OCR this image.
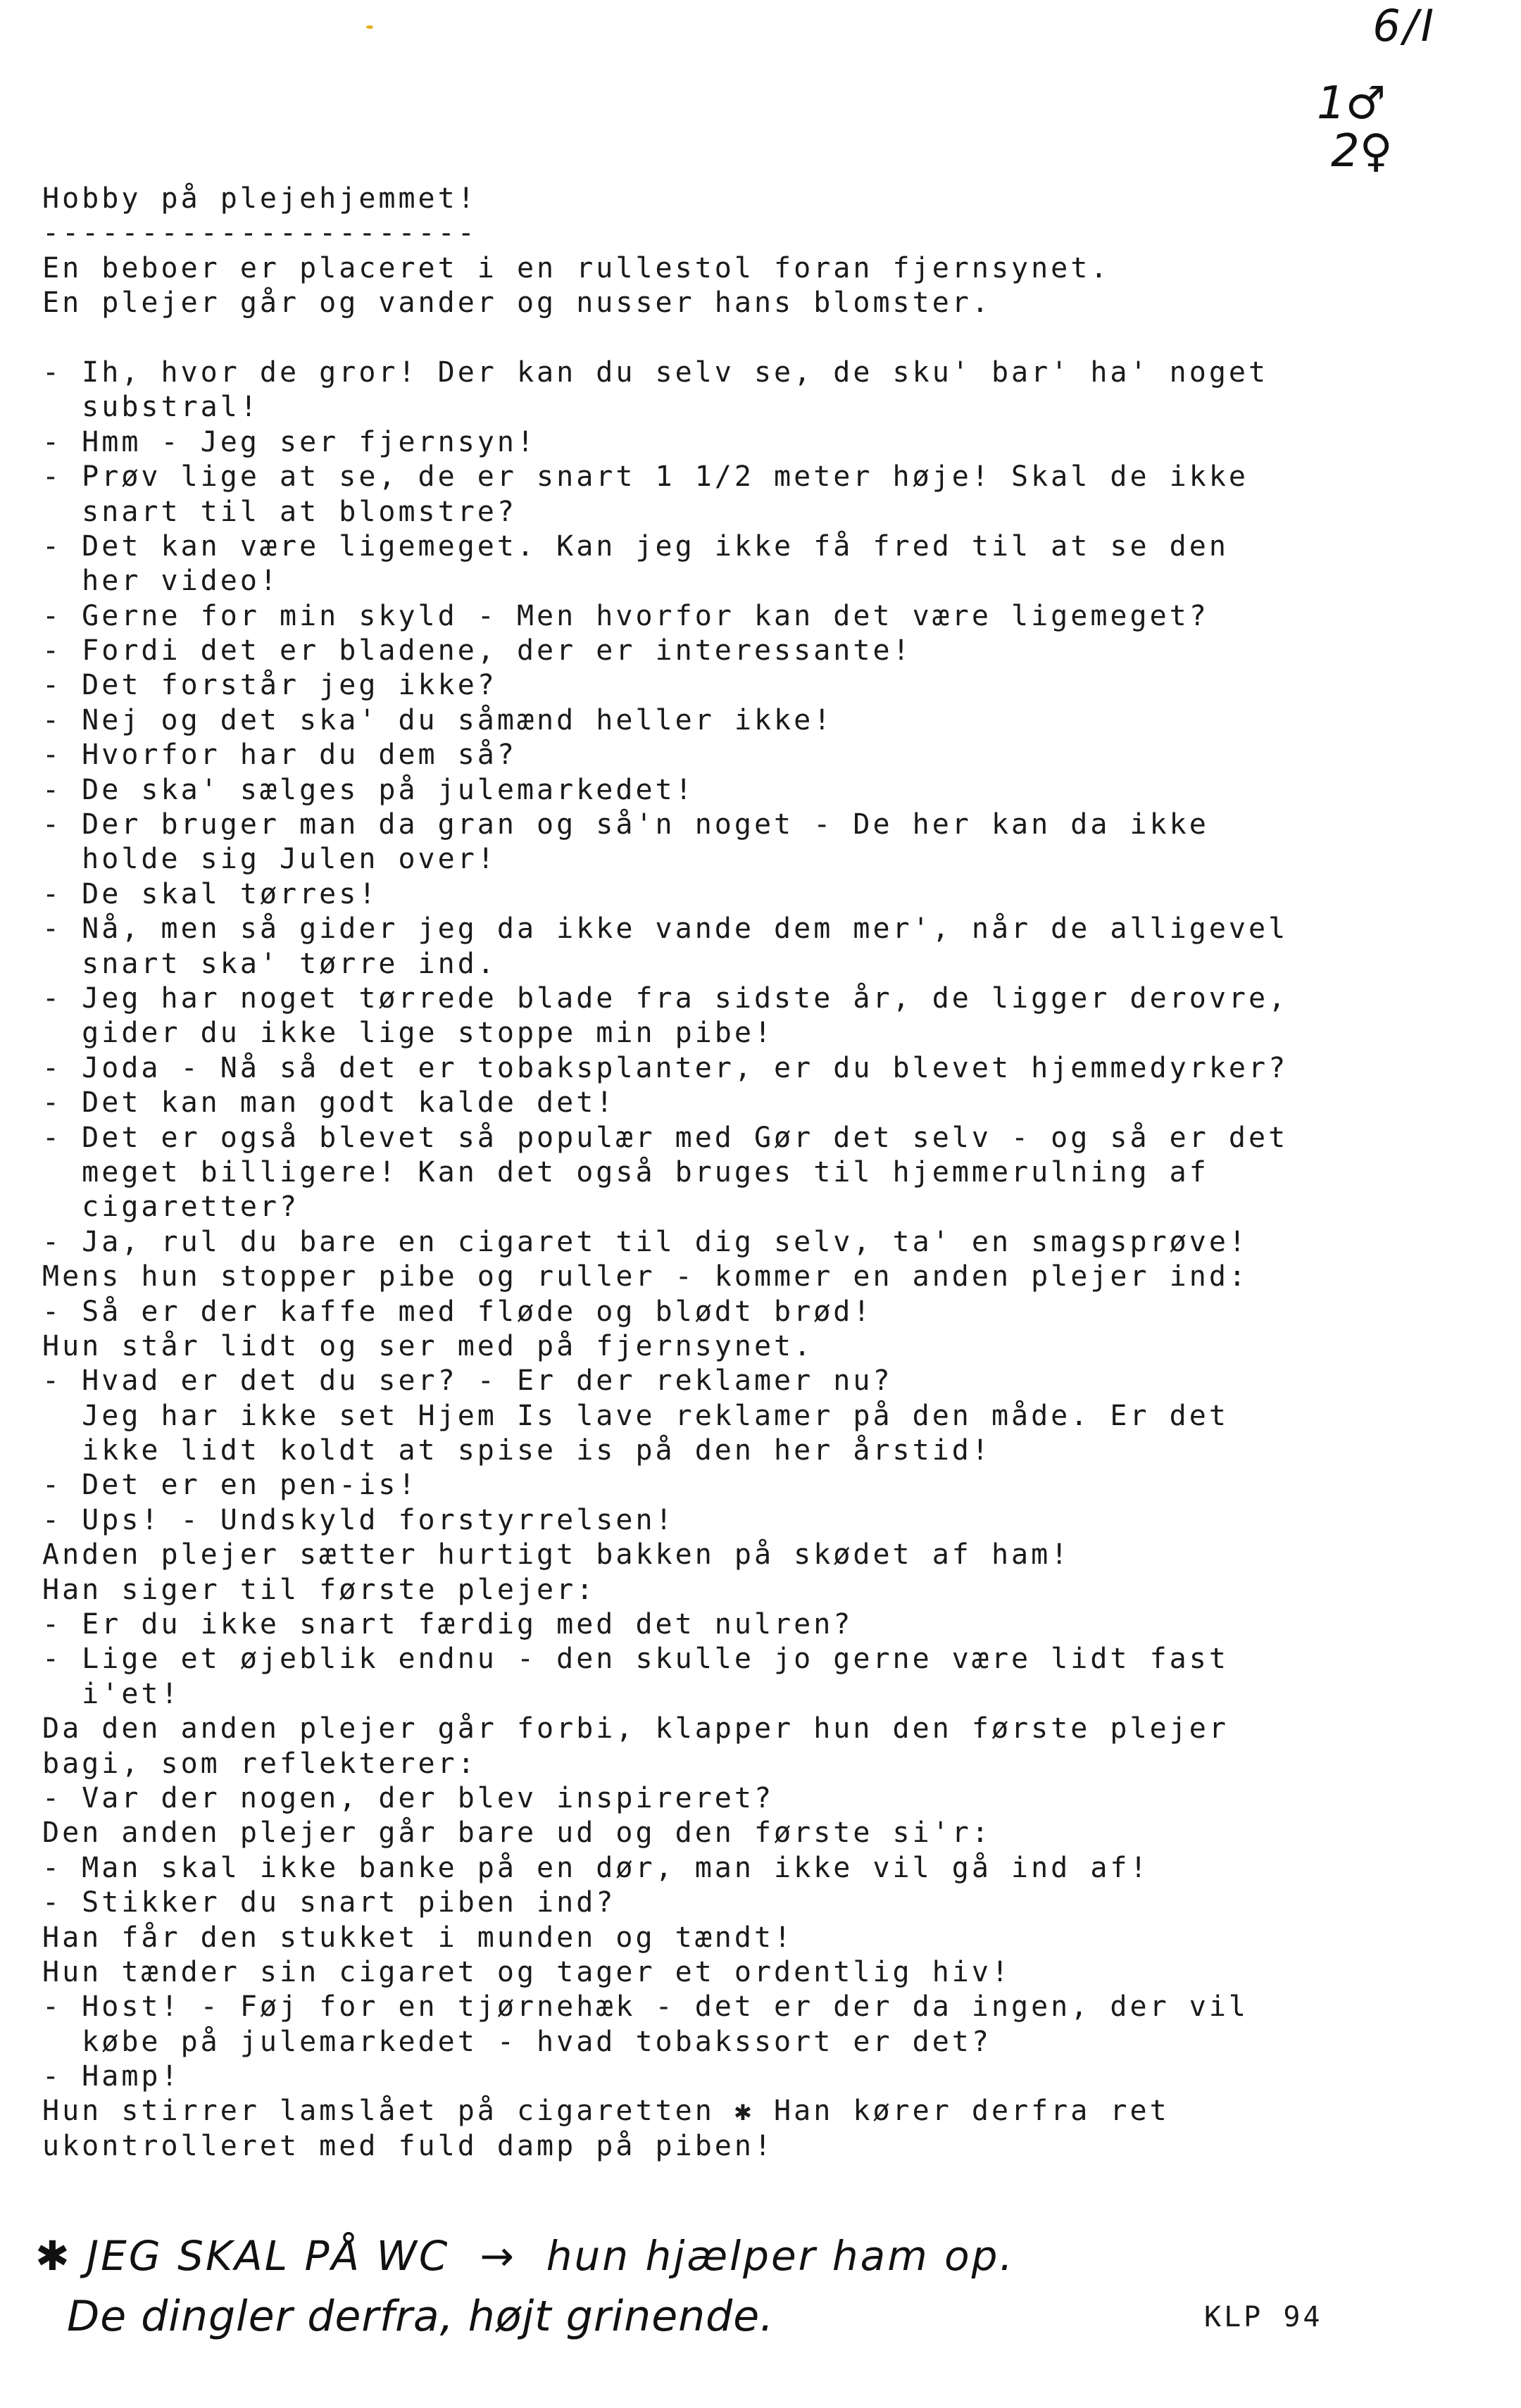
6/I
1♂
2♀
Hobby på plejehjemmet!
----------------------
En beboer er placeret i en rullestol foran fjernsynet.
En plejer går og vander og nusser hans blomster.
- Ih, hvor de gror! Der kan du selv se, de sku' bar' ha' noget
substral!
- Hmm - Jeg ser fjernsyn!
- Prøv lige at se, de er snart 1 1/2 meter høje! Skal de ikke
snart til at blomstre?
- Det kan være ligemeget. Kan jeg ikke få fred til at se den
her video!
- Gerne for min skyld - Men hvorfor kan det være ligemeget?
- Fordi det er bladene, der er interessante!
- Det forstår jeg ikke?
- Nej og det ska' du såmænd heller ikke!
- Hvorfor har du dem så?
- De ska' sælges på julemarkedet!
- Der bruger man da gran og så'n noget - De her kan da ikke
holde sig Julen over!
- De skal tørres!
- Nå, men så gider jeg da ikke vande dem mer', når de alligevel
snart ska' tørre ind.
- Jeg har noget tørrede blade fra sidste år, de ligger derovre,
gider du ikke lige stoppe min pibe!
- Joda - Nå så det er tobaksplanter, er du blevet hjemmedyrker?
- Det kan man godt kalde det!
- Det er også blevet så populær med Gør det selv - og så er det
meget billigere! Kan det også bruges til hjemmerulning af
cigaretter?
- Ja, rul du bare en cigaret til dig selv, ta' en smagsprøve!
Mens hun stopper pibe og ruller - kommer en anden plejer ind:
- Så er der kaffe med fløde og blødt brød!
Hun står lidt og ser med på fjernsynet.
- Hvad er det du ser? - Er der reklamer nu?
Jeg har ikke set Hjem Is lave reklamer på den måde. Er det
ikke lidt koldt at spise is på den her årstid!
- Det er en pen-is!
- Ups! - Undskyld forstyrrelsen!
Anden plejer sætter hurtigt bakken på skødet af ham!
Han siger til første plejer:
- Er du ikke snart færdig med det nulren?
- Lige et øjeblik endnu - den skulle jo gerne være lidt fast
i'et!
Da den anden plejer går forbi, klapper hun den første plejer
bagi, som reflekterer:
- Var der nogen, der blev inspireret?
Den anden plejer går bare ud og den første si'r:
- Man skal ikke banke på en dør, man ikke vil gå ind af!
- Stikker du snart piben ind?
Han får den stukket i munden og tændt!
Hun tænder sin cigaret og tager et ordentlig hiv!
- Host! - Føj for en tjørnehæk - det er der da ingen, der vil
købe på julemarkedet - hvad tobakssort er det?
- Hamp!
Hun stirrer lamslået på cigaretten ✱ Han kører derfra ret
ukontrolleret med fuld damp på piben!
✱ JEG SKAL PÅ WC  →  hun hjælper ham op.
De dingler derfra, højt grinende.	KLP 94
